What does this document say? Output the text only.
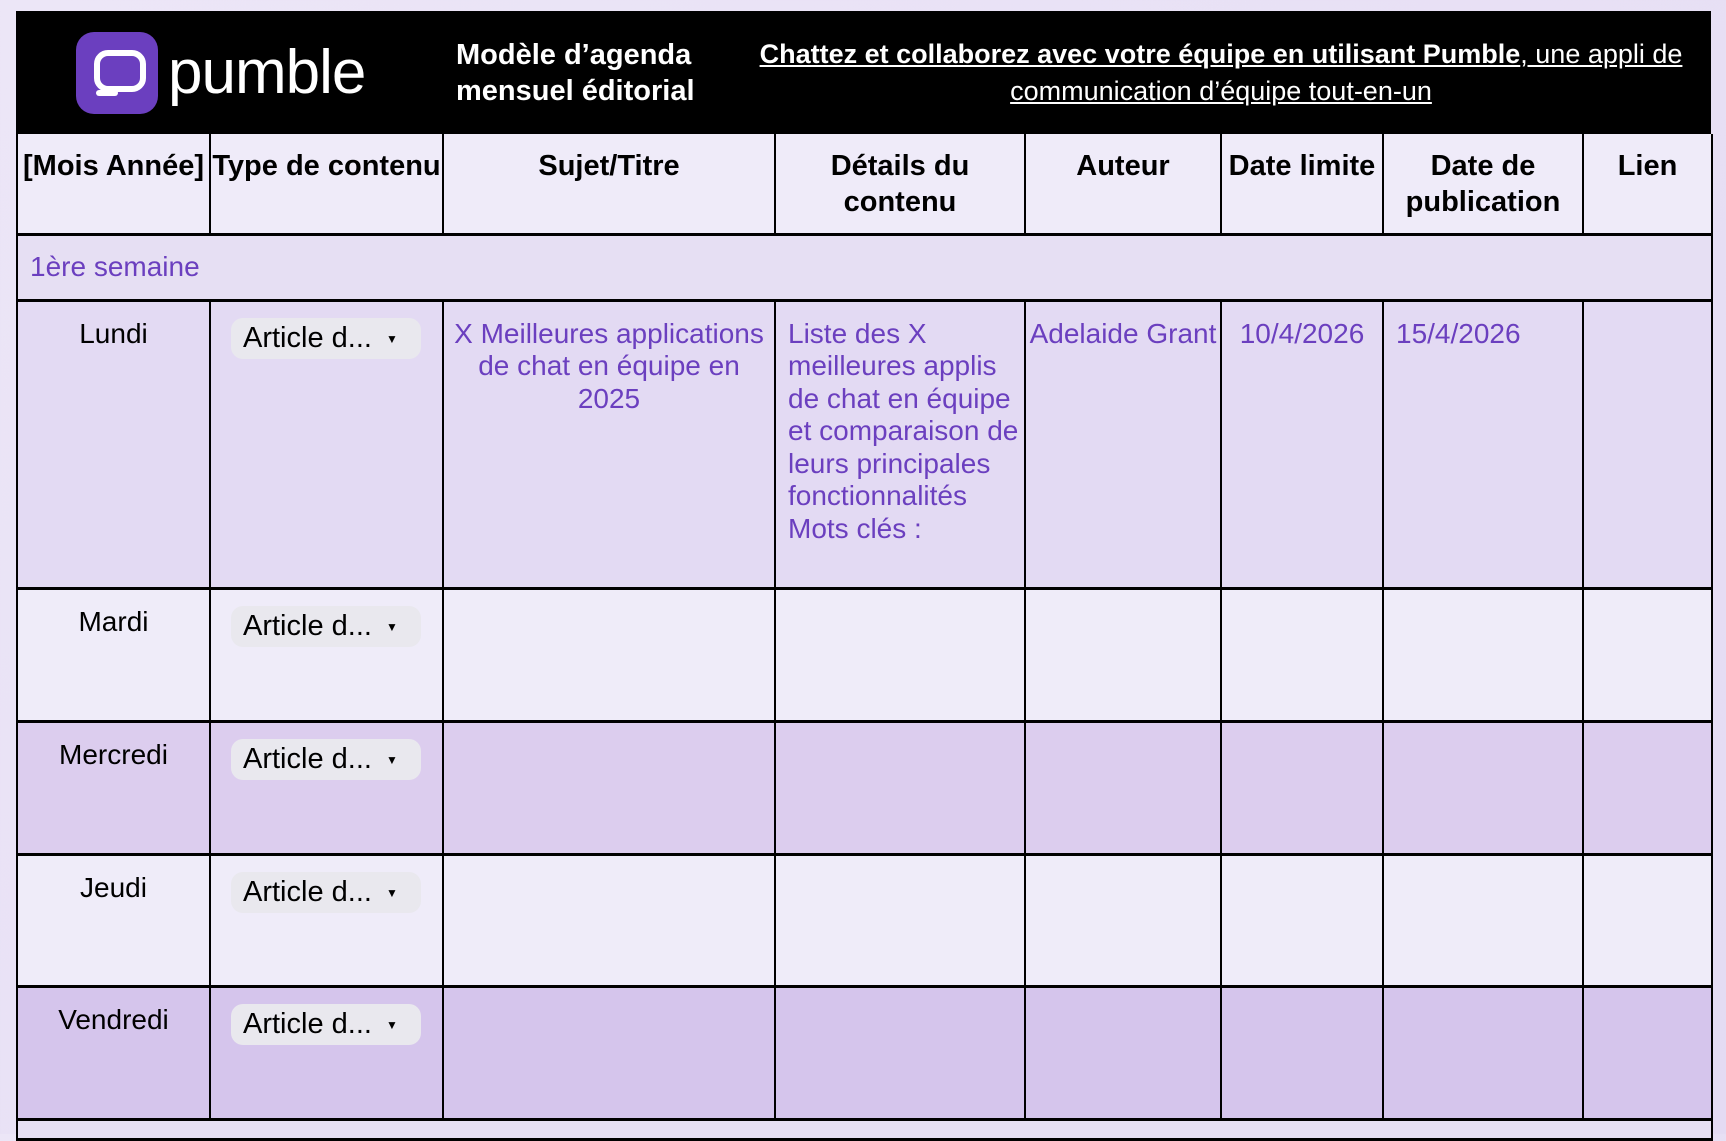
pumble	Modèle d’agenda mensuel éditorial
Chattez et collaborez avec votre équipe en utilisant Pumble, une appli de communication d’équipe tout-en-un
[Mois Année]	Type de contenu	Sujet/Titre	Détails du contenu	Auteur	Date limite	Date de publication	Lien
1ère semaine							
Lundi	Article d... ▼	X Meilleures applications de chat en équipe en 2025	Liste des X meilleures applis de chat en équipe et comparaison de leurs principales fonctionnalités Mots clés :	Adelaide Grant	10/4/2026	15/4/2026	
Mardi	Article d... ▼						
Mercredi	Article d... ▼						
Jeudi	Article d... ▼						
Vendredi	Article d... ▼						
